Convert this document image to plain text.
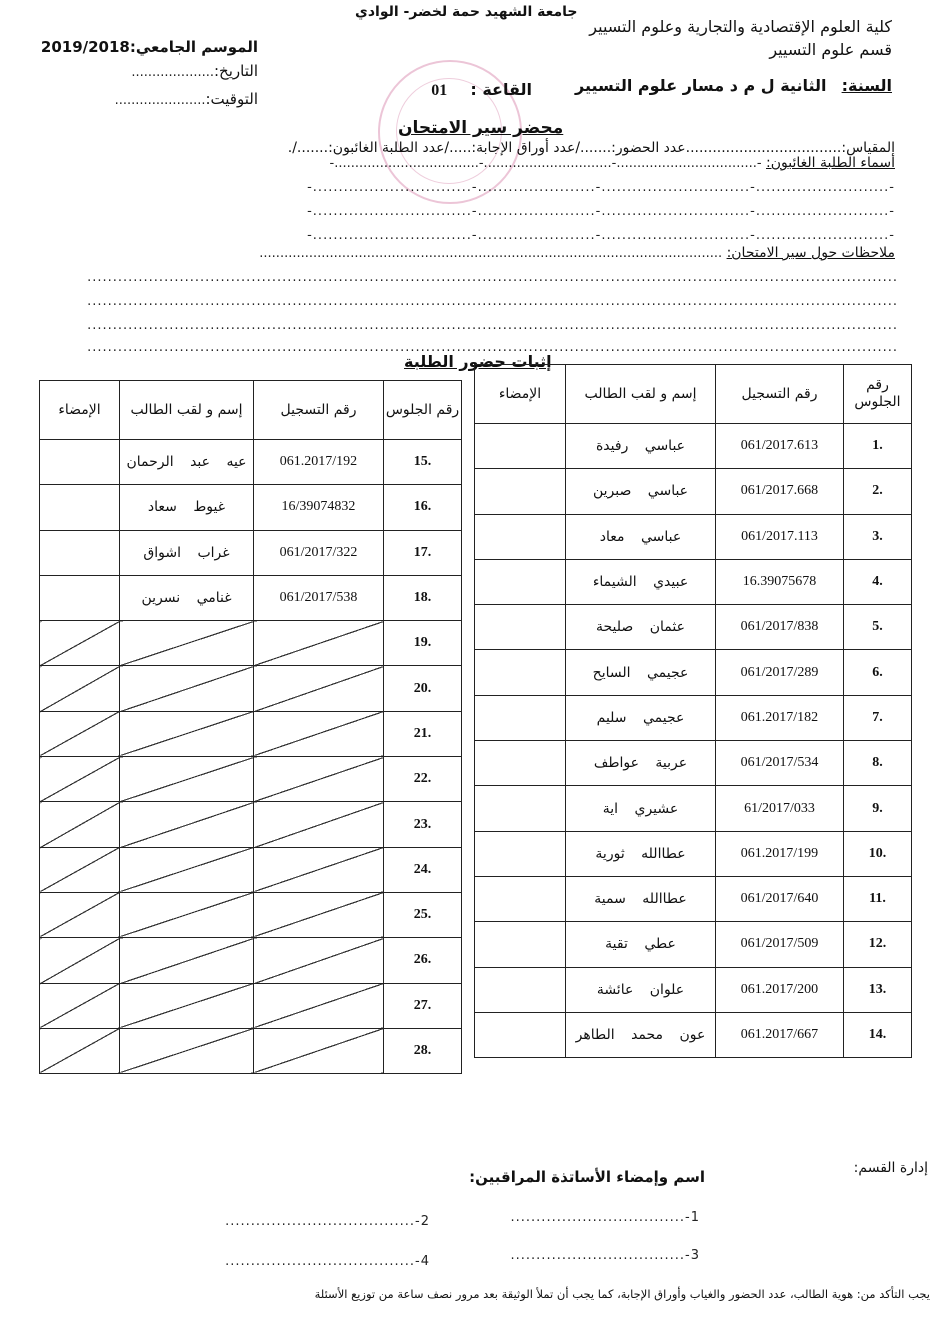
جامعة الشهيد حمة لخضر- الوادي
كلية العلوم الإقتصادية والتجارية وعلوم التسيير
قسم علوم التسيير
الموسم الجامعي:2019/2018
التاريخ:....................
التوقيت:......................
السنة: الثانية ل م د مسار علوم التسيير
القاعة : 01
محضر سير الامتحان
المقياس:...................................عدد الحضور:......./عدد أوراق الإجابة:...../عدد الطلبة الغائبون:......./.
أسماء الطلبة الغائبون: -..................................-...............................-...................................-
-..........................-.............................-.......................-...............................-
-..........................-.............................-.......................-...............................-
-..........................-.............................-.......................-...............................-
ملاحظات حول سير الامتحان: ................................................................................................................
..............................................................................................................................................................
..............................................................................................................................................................
..............................................................................................................................................................
..............................................................................................................................................................
إثبات حضور الطلبة
رقم الجلوس	رقم التسجيل	إسم و لقب الطالب	الإمضاء
1.	061/2017.613	عباسي رفيدة	
2.	061/2017.668	عباسي صبرين	
3.	061/2017.113	عباسي معاد	
4.	16.39075678	عبيدي الشيماء	
5.	061/2017/838	عثمان صليحة	
6.	061/2017/289	عجيمي السايح	
7.	061.2017/182	عجيمي سليم	
8.	061/2017/534	عربية عواطف	
9.	61/2017/033	عشيري اية	
10.	061.2017/199	عطاالله ثورية	
11.	061/2017/640	عطاالله سمية	
12.	061/2017/509	عطي تقية	
13.	061.2017/200	علوان عائشة	
14.	061.2017/667	عون محمد الطاهر	
رقم الجلوس	رقم التسجيل	إسم و لقب الطالب	الإمضاء
15.	061.2017/192	عيه عبد الرحمان	
16.	16/39074832	غيوط سعاد	
17.	061/2017/322	غراب اشواق	
18.	061/2017/538	غنامي نسرين	
19.			
20.			
21.			
22.			
23.			
24.			
25.			
26.			
27.			
28.			
إدارة القسم:
اسم وإمضاء الأساتذة المراقبين:
1-..................................
2-.....................................
3-..................................
4-.....................................
يجب التأكد من: هوية الطالب، عدد الحضور والغياب وأوراق الإجابة، كما يجب أن تملأ الوثيقة بعد مرور نصف ساعة من توزيع الأسئلة
